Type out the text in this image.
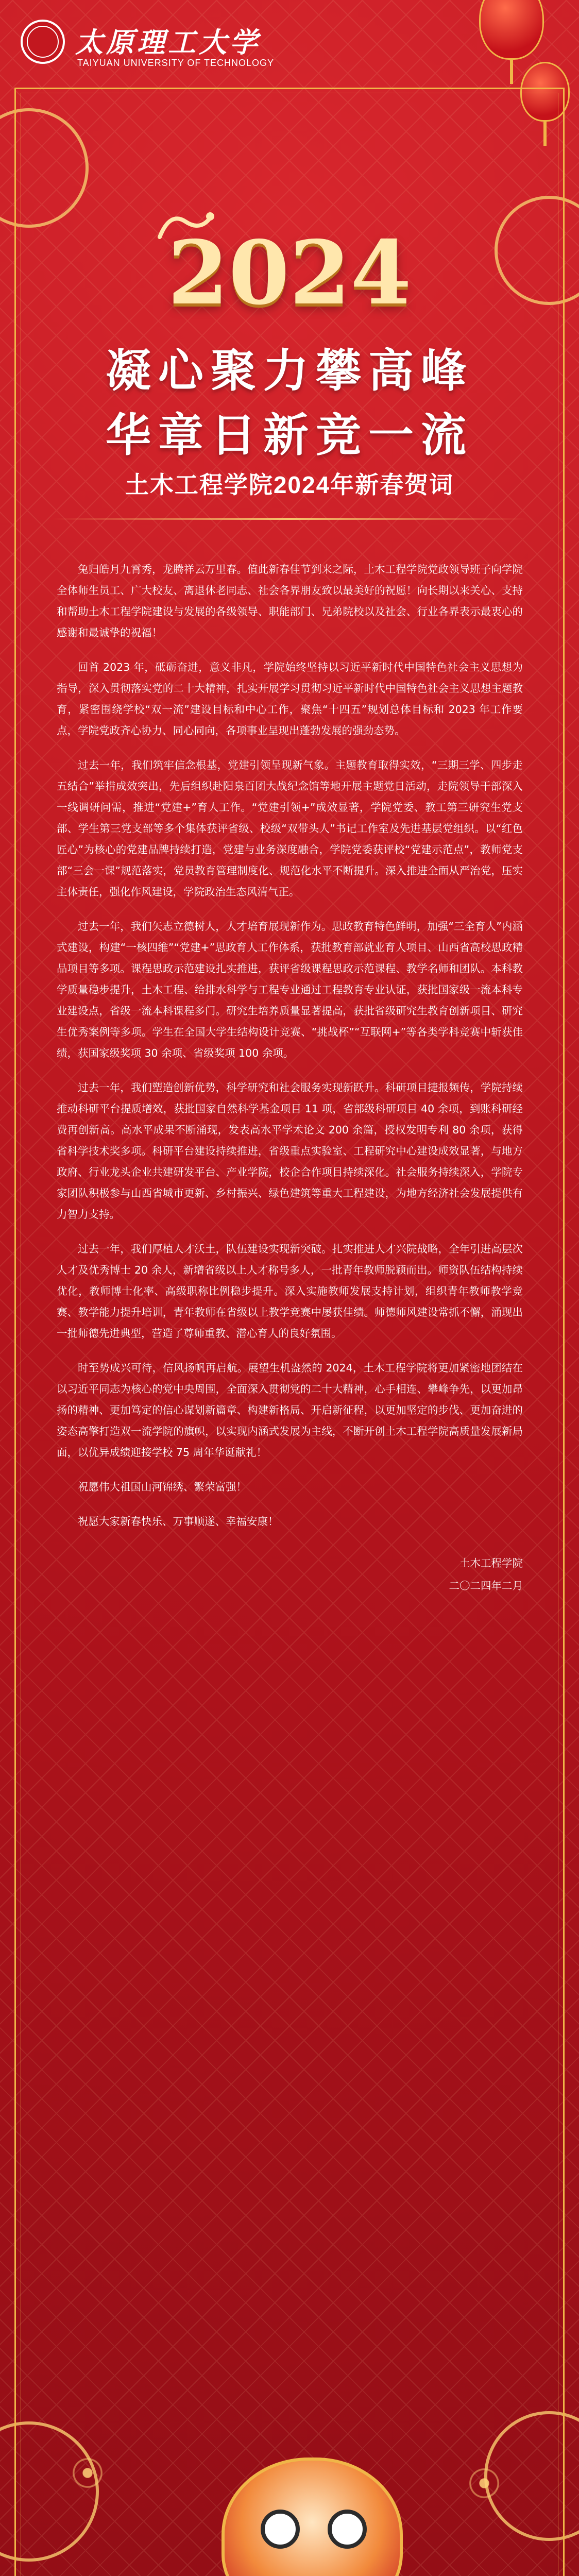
太原理工大学
TAIYUAN UNIVERSITY OF TECHNOLOGY
2024
凝心聚力攀高峰
华章日新竞一流
土木工程学院2024年新春贺词

兔归皓月九霄秀，龙腾祥云万里春。值此新春佳节到来之际，土木工程学院党政领导班子向学院全体师生员工、广大校友、离退休老同志、社会各界朋友致以最美好的祝愿！向长期以来关心、支持和帮助土木工程学院建设与发展的各级领导、职能部门、兄弟院校以及社会、行业各界表示最衷心的感谢和最诚挚的祝福！

回首 2023 年，砥砺奋进，意义非凡，学院始终坚持以习近平新时代中国特色社会主义思想为指导，深入贯彻落实党的二十大精神，扎实开展学习贯彻习近平新时代中国特色社会主义思想主题教育，紧密围绕学校“双一流”建设目标和中心工作，聚焦“十四五”规划总体目标和 2023 年工作要点，学院党政齐心协力、同心同向，各项事业呈现出蓬勃发展的强劲态势。

过去一年，我们筑牢信念根基，党建引领呈现新气象。主题教育取得实效，“三期三学、四步走五结合”举措成效突出，先后组织赴阳泉百团大战纪念馆等地开展主题党日活动，走院领导干部深入一线调研问需，推进“党建+”育人工作。“党建引领+”成效显著，学院党委、教工第三研究生党支部、学生第三党支部等多个集体获评省级、校级“双带头人”书记工作室及先进基层党组织。以“红色匠心”为核心的党建品牌持续打造，党建与业务深度融合，学院党委获评校“党建示范点”，教师党支部“三会一课”规范落实，党员教育管理制度化、规范化水平不断提升。深入推进全面从严治党，压实主体责任，强化作风建设，学院政治生态风清气正。

过去一年，我们矢志立德树人，人才培育展现新作为。思政教育特色鲜明，加强“三全育人”内涵式建设，构建“一核四维”“党建+”思政育人工作体系，获批教育部就业育人项目、山西省高校思政精品项目等多项。课程思政示范建设扎实推进，获评省级课程思政示范课程、教学名师和团队。本科教学质量稳步提升，土木工程、给排水科学与工程专业通过工程教育专业认证，获批国家级一流本科专业建设点，省级一流本科课程多门。研究生培养质量显著提高，获批省级研究生教育创新项目、研究生优秀案例等多项。学生在全国大学生结构设计竞赛、“挑战杯”“互联网+”等各类学科竞赛中斩获佳绩，获国家级奖项 30 余项、省级奖项 100 余项。

过去一年，我们塑造创新优势，科学研究和社会服务实现新跃升。科研项目捷报频传，学院持续推动科研平台提质增效，获批国家自然科学基金项目 11 项，省部级科研项目 40 余项，到账科研经费再创新高。高水平成果不断涌现，发表高水平学术论文 200 余篇，授权发明专利 80 余项，获得省科学技术奖多项。科研平台建设持续推进，省级重点实验室、工程研究中心建设成效显著，与地方政府、行业龙头企业共建研发平台、产业学院，校企合作项目持续深化。社会服务持续深入，学院专家团队积极参与山西省城市更新、乡村振兴、绿色建筑等重大工程建设，为地方经济社会发展提供有力智力支持。

过去一年，我们厚植人才沃土，队伍建设实现新突破。扎实推进人才兴院战略，全年引进高层次人才及优秀博士 20 余人，新增省级以上人才称号多人，一批青年教师脱颖而出。师资队伍结构持续优化，教师博士化率、高级职称比例稳步提升。深入实施教师发展支持计划，组织青年教师教学竞赛、教学能力提升培训，青年教师在省级以上教学竞赛中屡获佳绩。师德师风建设常抓不懈，涌现出一批师德先进典型，营造了尊师重教、潜心育人的良好氛围。

时至势成兴可待，信风扬帆再启航。展望生机盎然的 2024，土木工程学院将更加紧密地团结在以习近平同志为核心的党中央周围，全面深入贯彻党的二十大精神，心手相连、攀峰争先，以更加昂扬的精神、更加笃定的信心谋划新篇章、构建新格局、开启新征程，以更加坚定的步伐、更加奋进的姿态高擎打造双一流学院的旗帜，以实现内涵式发展为主线，不断开创土木工程学院高质量发展新局面，以优异成绩迎接学校 75 周年华诞献礼！

祝愿伟大祖国山河锦绣、繁荣富强！

祝愿大家新春快乐、万事顺遂、幸福安康！

土木工程学院
二〇二四年二月
